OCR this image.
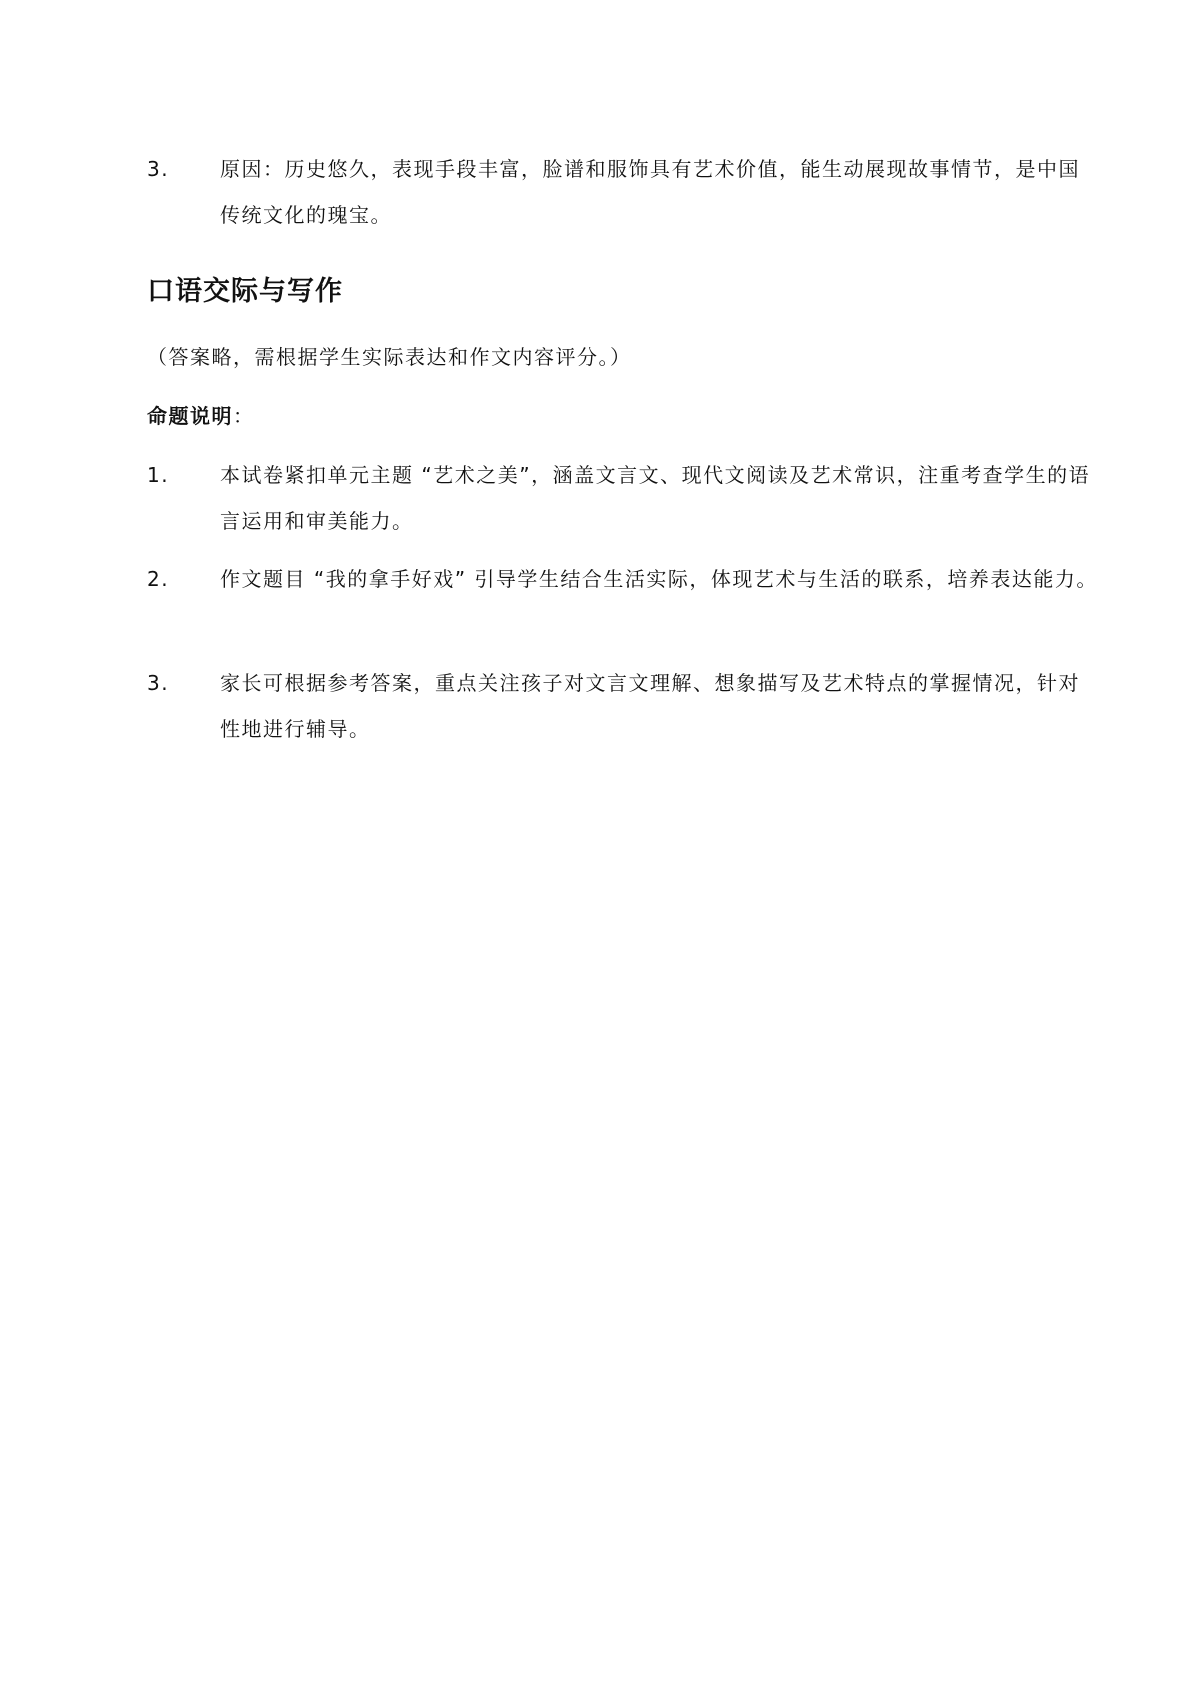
3.	原因：历史悠久，表现手段丰富，脸谱和服饰具有艺术价值，能生动展现故事情节，是中国传统文化的瑰宝。
口语交际与写作
（答案略，需根据学生实际表达和作文内容评分。）
命题说明：
1.	本试卷紧扣单元主题 “艺术之美”，涵盖文言文、现代文阅读及艺术常识，注重考查学生的语言运用和审美能力。
2.	作文题目 “我的拿手好戏” 引导学生结合生活实际，体现艺术与生活的联系，培养表达能力。
3.	家长可根据参考答案，重点关注孩子对文言文理解、想象描写及艺术特点的掌握情况，针对性地进行辅导。
